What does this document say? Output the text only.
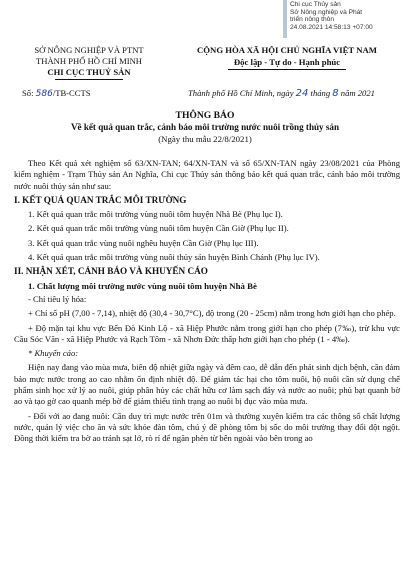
Chi cục Thủy sản
Sở Nông nghiệp và Phát
triển nông thôn
24.08.2021 14:58:13 +07:00
SỞ NÔNG NGHIỆP VÀ PTNT
THÀNH PHỐ HỒ CHÍ MINH
CHI CỤC THUỶ SẢN
CỘNG HÒA XÃ HỘI CHỦ NGHĨA VIỆT NAM
Độc lập - Tự do - Hạnh phúc
Số: 586/TB-CCTS	Thành phố Hồ Chí Minh, ngày 24 tháng 8 năm 2021
THÔNG BÁO
Về kết quả quan trắc, cảnh báo môi trường nước nuôi trồng thủy sản
(Ngày thu mẫu 22/8/2021)

Theo Kết quả xét nghiệm số 63/XN-TAN; 64/XN-TAN và số 65/XN-TAN ngày 23/08/2021 của Phòng kiểm nghiệm - Trạm Thủy sản An Nghĩa, Chi cục Thủy sản thông báo kết quả quan trắc, cảnh báo môi trường nước nuôi thủy sản như sau:

I. KẾT QUẢ QUAN TRẮC MÔI TRƯỜNG

1. Kết quả quan trắc môi trường vùng nuôi tôm huyện Nhà Bè (Phụ lục I).

2. Kết quả quan trắc môi trường vùng nuôi tôm huyện Cần Giờ (Phụ lục II).

3. Kết quả quan trắc vùng nuôi nghêu huyện Cần Giờ (Phụ lục III).

4. Kết quả quan trắc môi trường vùng nuôi thủy sản huyện Bình Chánh (Phụ lục IV).

II. NHẬN XÉT, CẢNH BÁO VÀ KHUYẾN CÁO
1. Chất lượng môi trường nước vùng nuôi tôm huyện Nhà Bè

- Chỉ tiêu lý hóa:

+ Chỉ số pH (7,00 - 7,14), nhiệt độ (30,4 - 30,7°C), độ trong (20 - 25cm) nằm trong hơn giới hạn cho phép.

+ Độ mặn tại khu vực Bến Đò Kinh Lộ - xã Hiệp Phước nằm trong giới hạn cho phép (7‰), trừ khu vực Cầu Sóc Văn - xã Hiệp Phước và Rạch Tôm - xã Nhơn Đức thấp hơn giới hạn cho phép (1 - 4‰).

* Khuyến cáo:

Hiện nay đang vào mùa mưa, biên độ nhiệt giữa ngày và đêm cao, dễ dẫn đến phát sinh dịch bệnh, cần đảm bảo mực nước trong ao cao nhằm ổn định nhiệt độ. Để giảm tác hại cho tôm nuôi, hộ nuôi cần sử dụng chế phẩm sinh học xử lý ao nuôi, giúp phân hủy các chất hữu cơ làm sạch đáy và nước ao nuôi; phủ bạt quanh bờ ao và tạo gờ cao quanh mép bờ để giảm thiểu tình trạng ao nuôi bị đục vào mùa mưa.

- Đối với ao đang nuôi: Cần duy trì mực nước trên 01m và thường xuyên kiểm tra các thông số chất lượng nước, quản lý việc cho ăn và sức khỏe đàn tôm, chú ý đề phòng tôm bị sốc do môi trường thay đổi đột ngột. Đồng thời kiểm tra bờ ao tránh sạt lở, rò rỉ để ngăn phèn từ bên ngoài vào bên trong ao
